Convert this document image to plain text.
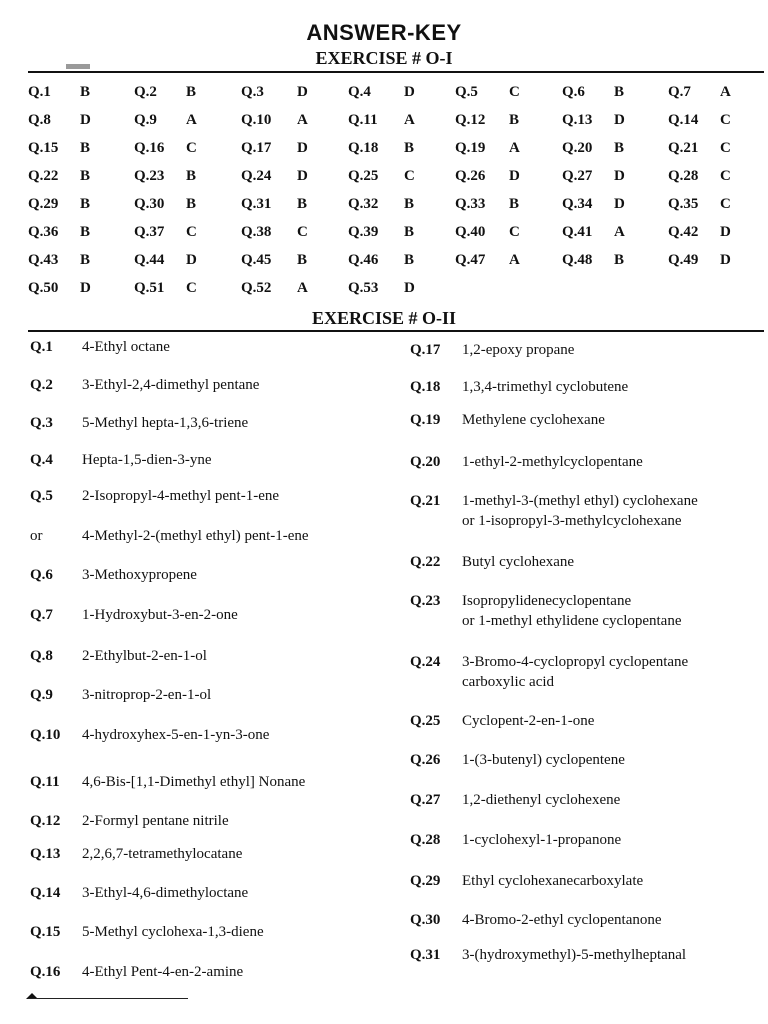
ANSWER-KEY
EXERCISE # O-I
Q.1 B	Q.2 B	Q.3 D	Q.4 D	Q.5 C	Q.6 B	Q.7 A
Q.8 D	Q.9 A	Q.10 A	Q.11 A	Q.12 B	Q.13 D	Q.14 C
Q.15 B	Q.16 C	Q.17 D	Q.18 B	Q.19 A	Q.20 B	Q.21 C
Q.22 B	Q.23 B	Q.24 D	Q.25 C	Q.26 D	Q.27 D	Q.28 C
Q.29 B	Q.30 B	Q.31 B	Q.32 B	Q.33 B	Q.34 D	Q.35 C
Q.36 B	Q.37 C	Q.38 C	Q.39 B	Q.40 C	Q.41 A	Q.42 D
Q.43 B	Q.44 D	Q.45 B	Q.46 B	Q.47 A	Q.48 B	Q.49 D
Q.50 D	Q.51 C	Q.52 A	Q.53 D
EXERCISE # O-II
Q.1 4-Ethyl octane
Q.2 3-Ethyl-2,4-dimethyl pentane
Q.3 5-Methyl hepta-1,3,6-triene
Q.4 Hepta-1,5-dien-3-yne
Q.5 2-Isopropyl-4-methyl pent-1-ene
or	4-Methyl-2-(methyl ethyl) pent-1-ene
Q.6 3-Methoxypropene
Q.7 1-Hydroxybut-3-en-2-one
Q.8 2-Ethylbut-2-en-1-ol
Q.9 3-nitroprop-2-en-1-ol
Q.10 4-hydroxyhex-5-en-1-yn-3-one
Q.11 4,6-Bis-[1,1-Dimethyl ethyl] Nonane
Q.12 2-Formyl pentane nitrile
Q.13 2,2,6,7-tetramethylocatane
Q.14 3-Ethyl-4,6-dimethyloctane
Q.15 5-Methyl cyclohexa-1,3-diene
Q.16 4-Ethyl Pent-4-en-2-amine
Q.17 1,2-epoxy propane
Q.18 1,3,4-trimethyl cyclobutene
Q.19 Methylene cyclohexane
Q.20 1-ethyl-2-methylcyclopentane
Q.21 1-methyl-3-(methyl ethyl) cyclohexane
or 1-isopropyl-3-methylcyclohexane
Q.22 Butyl cyclohexane
Q.23 Isopropylidenecyclopentane
or 1-methyl ethylidene cyclopentane
Q.24 3-Bromo-4-cyclopropyl cyclopentane
carboxylic acid
Q.25 Cyclopent-2-en-1-one
Q.26 1-(3-butenyl) cyclopentene
Q.27 1,2-diethenyl cyclohexene
Q.28 1-cyclohexyl-1-propanone
Q.29 Ethyl cyclohexanecarboxylate
Q.30 4-Bromo-2-ethyl cyclopentanone
Q.31 3-(hydroxymethyl)-5-methylheptanal
